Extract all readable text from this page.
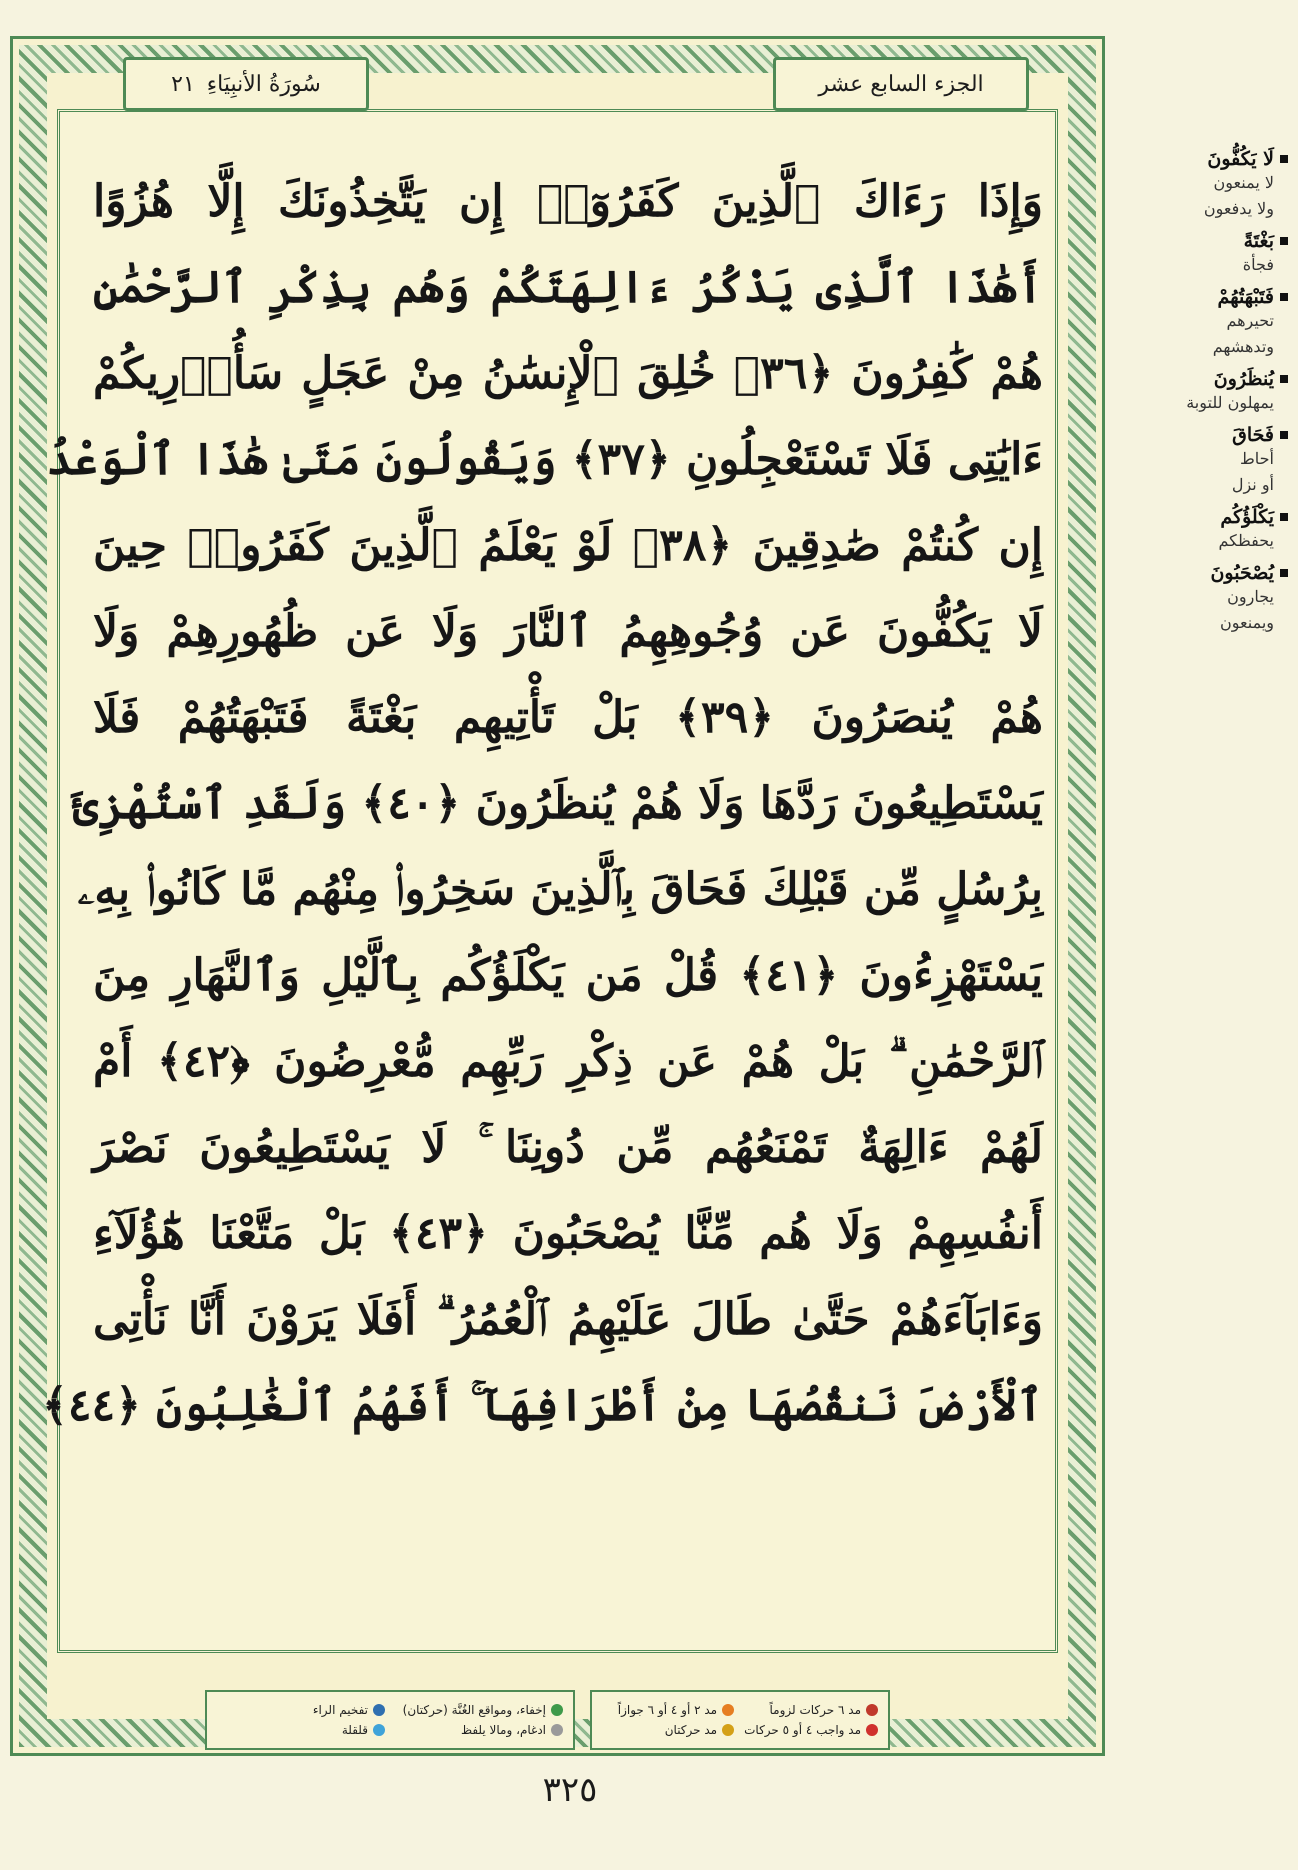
٢١ سُورَةُ الأنبِيَاءِ	الجزء السابع عشر
وَإِذَا رَءَاكَ ٱلَّذِينَ كَفَرُوٓا۟ إِن يَتَّخِذُونَكَ إِلَّا هُزُوًا
أَهَٰذَا ٱلَّذِى يَذْكُرُ ءَالِهَتَكُمْ وَهُم بِذِكْرِ ٱلرَّحْمَٰنِ
هُمْ كَٰفِرُونَ ﴿٣٦﴾ خُلِقَ ٱلْإِنسَٰنُ مِنْ عَجَلٍ سَأُو۟رِيكُمْ
ءَايَٰتِى فَلَا تَسْتَعْجِلُونِ ﴿٣٧﴾ وَيَقُولُونَ مَتَىٰ هَٰذَا ٱلْوَعْدُ
إِن كُنتُمْ صَٰدِقِينَ ﴿٣٨﴾ لَوْ يَعْلَمُ ٱلَّذِينَ كَفَرُوا۟ حِينَ
لَا يَكُفُّونَ عَن وُجُوهِهِمُ ٱلنَّارَ وَلَا عَن ظُهُورِهِمْ وَلَا
هُمْ يُنصَرُونَ ﴿٣٩﴾ بَلْ تَأْتِيهِم بَغْتَةً فَتَبْهَتُهُمْ فَلَا
يَسْتَطِيعُونَ رَدَّهَا وَلَا هُمْ يُنظَرُونَ ﴿٤٠﴾ وَلَقَدِ ٱسْتُهْزِئَ
بِرُسُلٍ مِّن قَبْلِكَ فَحَاقَ بِٱلَّذِينَ سَخِرُوا۟ مِنْهُم مَّا كَانُوا۟ بِهِۦ
يَسْتَهْزِءُونَ ﴿٤١﴾ قُلْ مَن يَكْلَؤُكُم بِٱلَّيْلِ وَٱلنَّهَارِ مِنَ
ٱلرَّحْمَٰنِ ۗ بَلْ هُمْ عَن ذِكْرِ رَبِّهِم مُّعْرِضُونَ ﴿٤٢﴾ أَمْ
لَهُمْ ءَالِهَةٌ تَمْنَعُهُم مِّن دُونِنَا ۚ لَا يَسْتَطِيعُونَ نَصْرَ
أَنفُسِهِمْ وَلَا هُم مِّنَّا يُصْحَبُونَ ﴿٤٣﴾ بَلْ مَتَّعْنَا هَٰٓؤُلَآءِ
وَءَابَآءَهُمْ حَتَّىٰ طَالَ عَلَيْهِمُ ٱلْعُمُرُ ۗ أَفَلَا يَرَوْنَ أَنَّا نَأْتِى
ٱلْأَرْضَ نَنقُصُهَا مِنْ أَطْرَافِهَآ ۚ أَفَهُمُ ٱلْغَٰلِبُونَ ﴿٤٤﴾
لَا يَكُفُّونَ
لا يمنعون
ولا يدفعون
بَغْتَةً
فجأة
فَتَبْهَتُهُمْ
تحيرهم
وتدهشهم
يُنظَرُونَ
يمهلون للتوبة
فَحَاقَ
أحاط
أو نزل
يَكْلَؤُكُم
يحفظكم
يُصْحَبُونَ
يجارون
ويمنعون
مد ٦ حركات لزوماً
مد ٢ أو ٤ أو ٦ جوازاً
مد واجب ٤ أو ٥ حركات
مد حركتان
إخفاء، ومواقع الغُنَّة (حركتان)
تفخيم الراء
ادغام، ومالا يلفظ
قلقلة
٣٢٥
